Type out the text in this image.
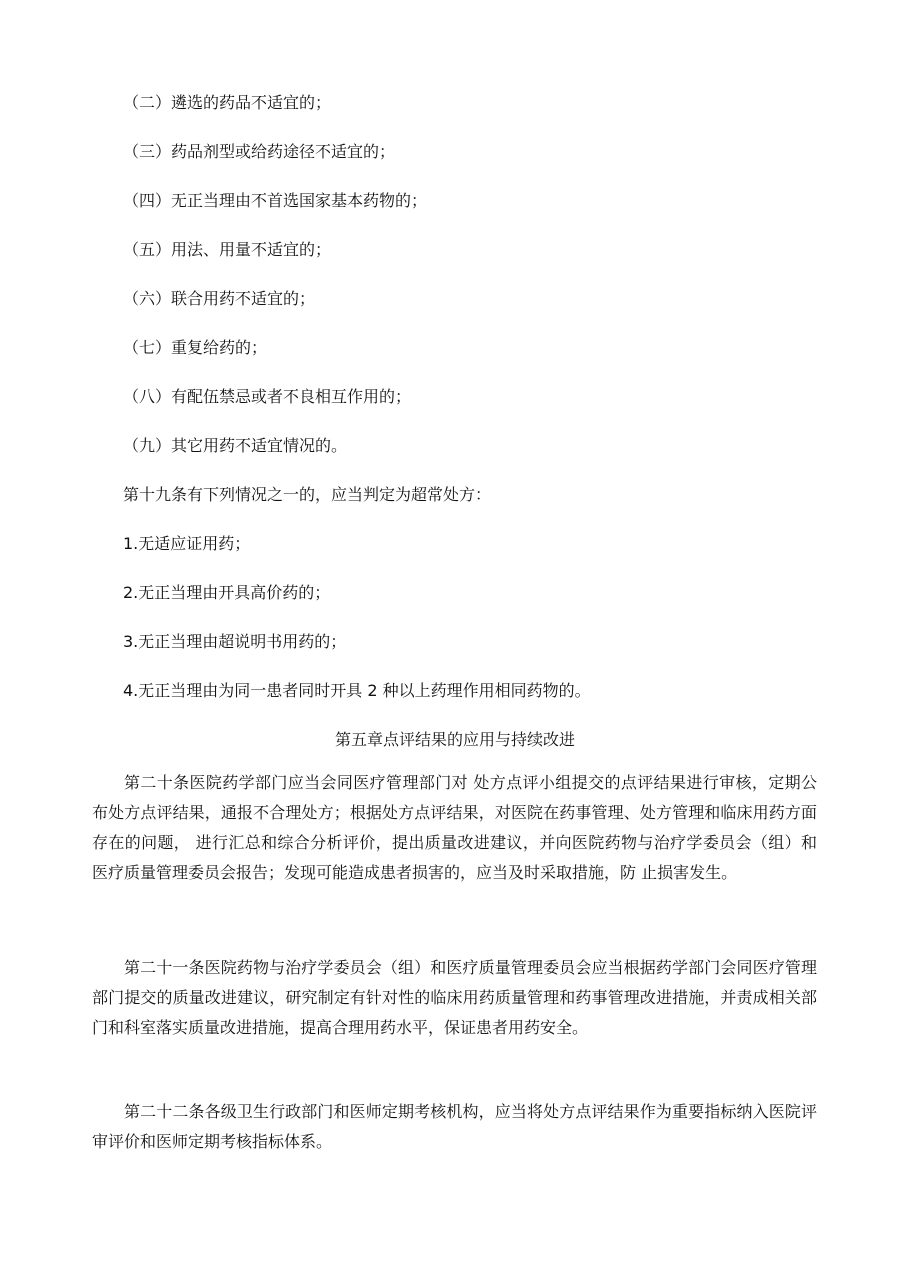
（二）遴选的药品不适宜的；
（三）药品剂型或给药途径不适宜的；
（四）无正当理由不首选国家基本药物的；
（五）用法、用量不适宜的；
（六）联合用药不适宜的；
（七）重复给药的；
（八）有配伍禁忌或者不良相互作用的；
（九）其它用药不适宜情况的。
第十九条有下列情况之一的，应当判定为超常处方：
1.无适应证用药；
2.无正当理由开具高价药的；
3.无正当理由超说明书用药的；
4.无正当理由为同一患者同时开具 2 种以上药理作用相同药物的。
第五章点评结果的应用与持续改进

第二十条医院药学部门应当会同医疗管理部门对 处方点评小组提交的点评结果进行审核，定期公布处方点评结果，通报不合理处方；根据处方点评结果，对医院在药事管理、处方管理和临床用药方面存在的问题， 进行汇总和综合分析评价，提出质量改进建议，并向医院药物与治疗学委员会（组）和医疗质量管理委员会报告；发现可能造成患者损害的，应当及时采取措施，防 止损害发生。

第二十一条医院药物与治疗学委员会（组）和医疗质量管理委员会应当根据药学部门会同医疗管理部门提交的质量改进建议，研究制定有针对性的临床用药质量管理和药事管理改进措施，并责成相关部门和科室落实质量改进措施，提高合理用药水平，保证患者用药安全。

第二十二条各级卫生行政部门和医师定期考核机构，应当将处方点评结果作为重要指标纳入医院评审评价和医师定期考核指标体系。
